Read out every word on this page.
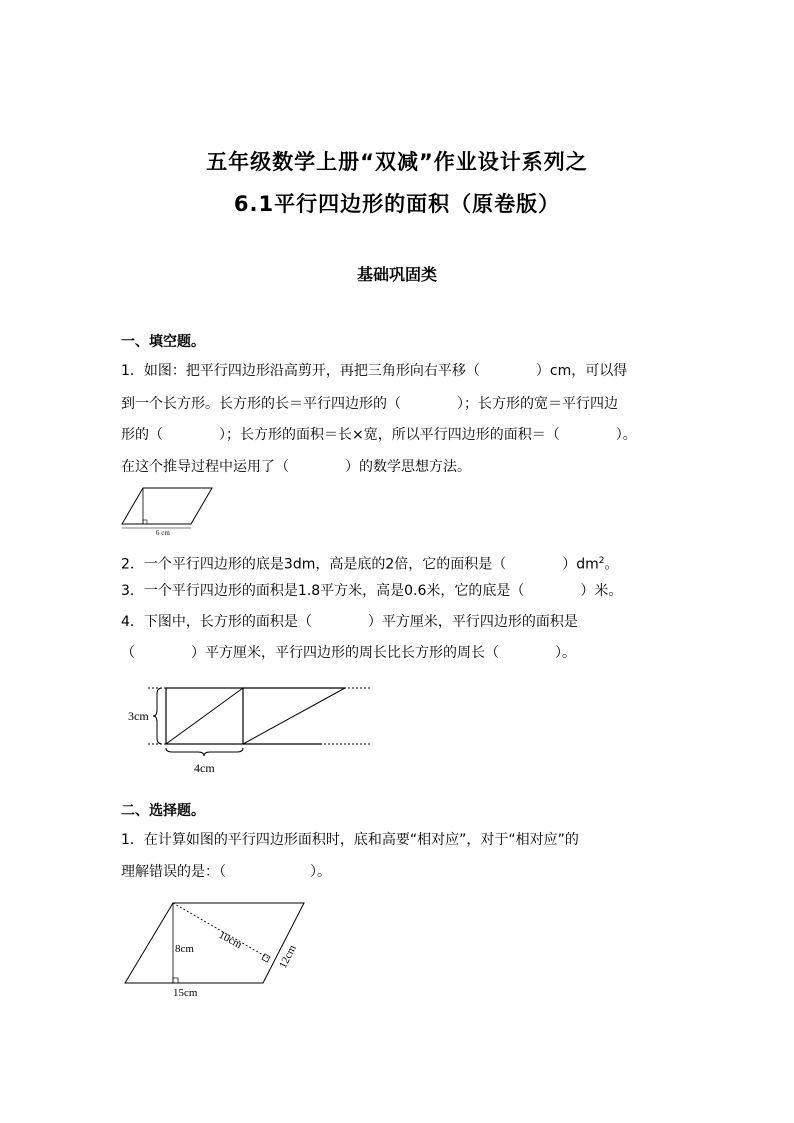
五年级数学上册“双减”作业设计系列之
6.1平行四边形的面积（原卷版）
基础巩固类
一、填空题。
1．如图：把平行四边形沿高剪开，再把三角形向右平移（　　　　）cm，可以得
到一个长方形。长方形的长＝平行四边形的（　　　　）；长方形的宽＝平行四边
形的（　　　　）；长方形的面积＝长×宽，所以平行四边形的面积＝（　　　　）。
在这个推导过程中运用了（　　　　）的数学思想方法。
6 cm
2．一个平行四边形的底是3dm，高是底的2倍，它的面积是（　　　　）$dm^2$。
3．一个平行四边形的面积是1.8平方米，高是0.6米，它的底是（　　　　）米。
4．下图中，长方形的面积是（　　　　）平方厘米，平行四边形的面积是
（　　　　）平方厘米，平行四边形的周长比长方形的周长（　　　　）。
3cm
4cm
二、选择题。
1．在计算如图的平行四边形面积时，底和高要“相对应”，对于“相对应”的
理解错误的是：（　　　　　　）。
10cm
8cm	12cm
15cm
